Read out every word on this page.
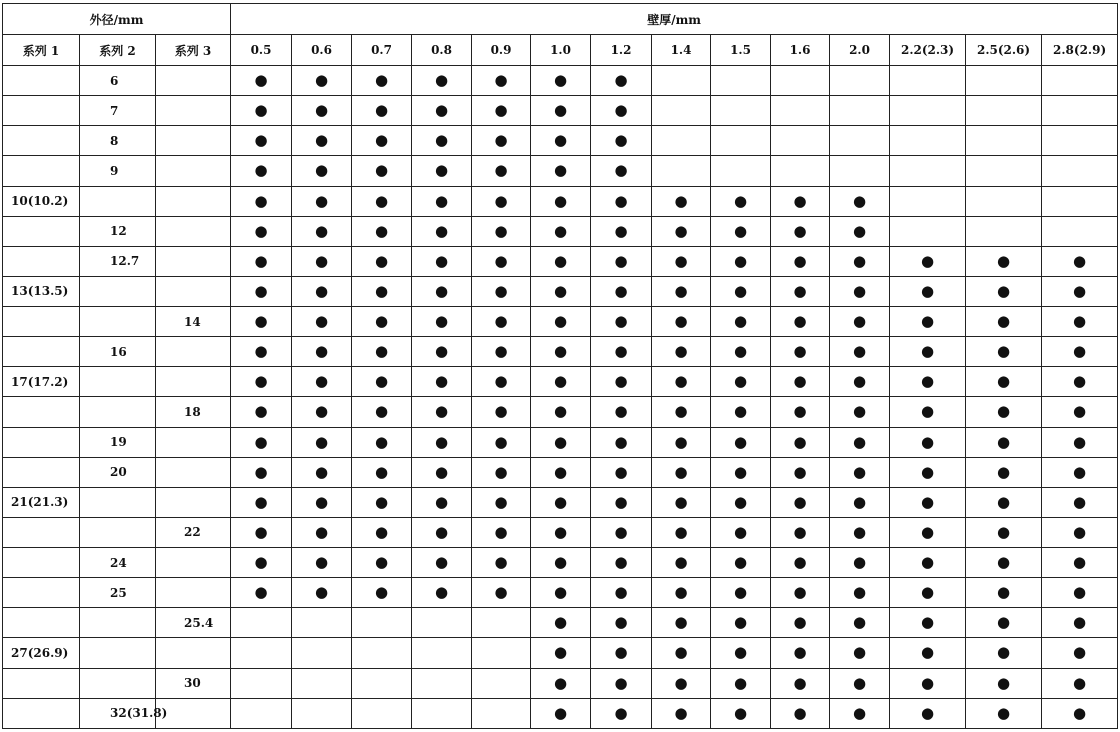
外径/mm			壁厚/mm													
系列 1	系列 2	系列 3	0.5	0.6	0.7	0.8	0.9	1.0	1.2	1.4	1.5	1.6	2.0	2.2(2.3)	2.5(2.6)	2.8(2.9)
	6		●	●	●	●	●	●	●							
	7		●	●	●	●	●	●	●							
	8		●	●	●	●	●	●	●							
	9		●	●	●	●	●	●	●							
10(10.2)			●	●	●	●	●	●	●	●	●	●	●			
	12		●	●	●	●	●	●	●	●	●	●	●			
	12.7		●	●	●	●	●	●	●	●	●	●	●	●	●	●
13(13.5)			●	●	●	●	●	●	●	●	●	●	●	●	●	●
		14	●	●	●	●	●	●	●	●	●	●	●	●	●	●
	16		●	●	●	●	●	●	●	●	●	●	●	●	●	●
17(17.2)			●	●	●	●	●	●	●	●	●	●	●	●	●	●
		18	●	●	●	●	●	●	●	●	●	●	●	●	●	●
	19		●	●	●	●	●	●	●	●	●	●	●	●	●	●
	20		●	●	●	●	●	●	●	●	●	●	●	●	●	●
21(21.3)			●	●	●	●	●	●	●	●	●	●	●	●	●	●
		22	●	●	●	●	●	●	●	●	●	●	●	●	●	●
	24		●	●	●	●	●	●	●	●	●	●	●	●	●	●
	25		●	●	●	●	●	●	●	●	●	●	●	●	●	●
		25.4						●	●	●	●	●	●	●	●	●
27(26.9)								●	●	●	●	●	●	●	●	●
		30						●	●	●	●	●	●	●	●	●
	32(31.8)							●	●	●	●	●	●	●	●	●
